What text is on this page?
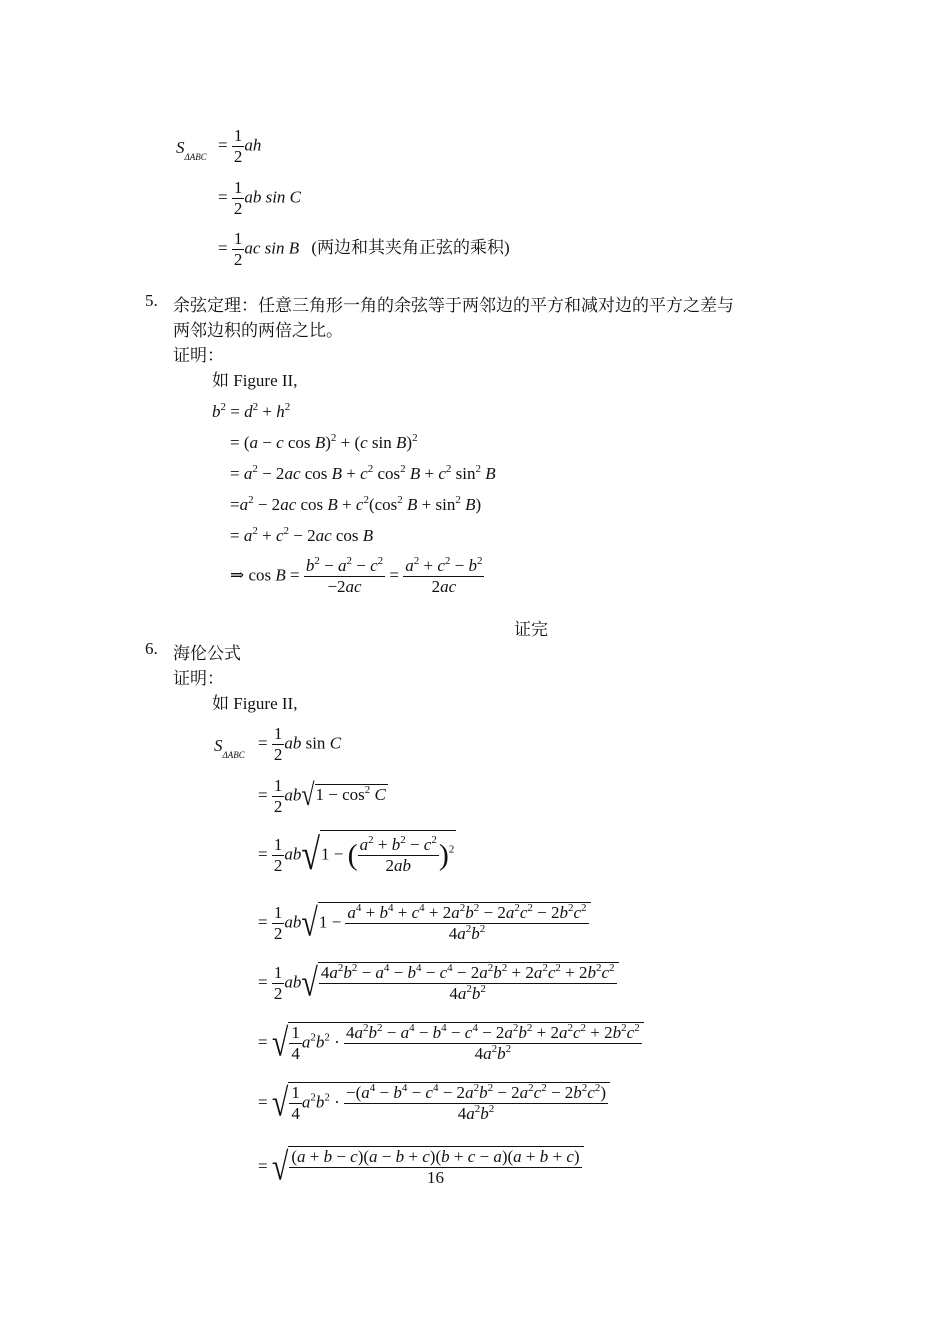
$S_{\Delta ABC}$
= $\frac{1}{2}$ ah
= $\frac{1}{2}$ ab sin C
= $\frac{1}{2}$ ac sin B (两边和其夹角正弦的乘积)
5. 余弦定理：任意三角形一角的余弦等于两邻边的平方和减对边的平方之差与
两邻边积的两倍之比。
证明：
如 Figure II,
$b^2 = d^2 + h^2$
= (a − c cos B)$^2$ + (c sin B)$^2$
= $a^2 - 2ac$ $\cos B + c^2$ $\cos^2 B + c^2$ $\sin^2 B$
$=a^2 - 2ac$ $\cos B + c^2(\cos^2$ $B + \sin^2 B$)
= $a^2 + c^2 - 2ac$ cos B
⇒ $\cos B = \frac{b^2 - a^2 - c^2}{-2ac} = \frac{a^2 + c^2 - b^2}{2ac}$
证完
6. 海伦公式
证明：
如 Figure II,
$S_{\Delta ABC}$
= $\frac{1}{2}$ ab sin C
= $\frac{1}{2} ab√1 - \cos^2 C$
= $\frac{1}{2} ab√1$ − ( $\frac{a^2 + b^2 - c^2}{2ab} )^2$
= $\frac{1}{2} ab√1 - \frac{a^4 + b^4 + c^4 + 2a^2b^2 - 2a^2c^2 - 2b^2c^2}{4a^2b^2}$
= $\frac{1}{2} ab√ \frac{4a^2b^2 - a^4 - b^4 - c^4 - 2a^2b^2 + 2a^2c^2 + 2b^2c^2}{4a^2b^2}$
= √ $\frac{1}{4} a^2b^2 \cdot \frac{4a^2b^2 - a^4 - b^4 - c^4 - 2a^2b^2 + 2a^2c^2 + 2b^2c^2}{4a^2b^2}$
= √ $\frac{1}{4} a^2b^2 \cdot \frac{-(a^4 - b^4 - c^4 - 2a^2b^2 - 2a^2c^2 - 2b^2c^2)}{4a^2b^2}$
= √ $\frac{(a + b - c)(a - b + c)(b + c - a)(a + b + c)}{16}$
